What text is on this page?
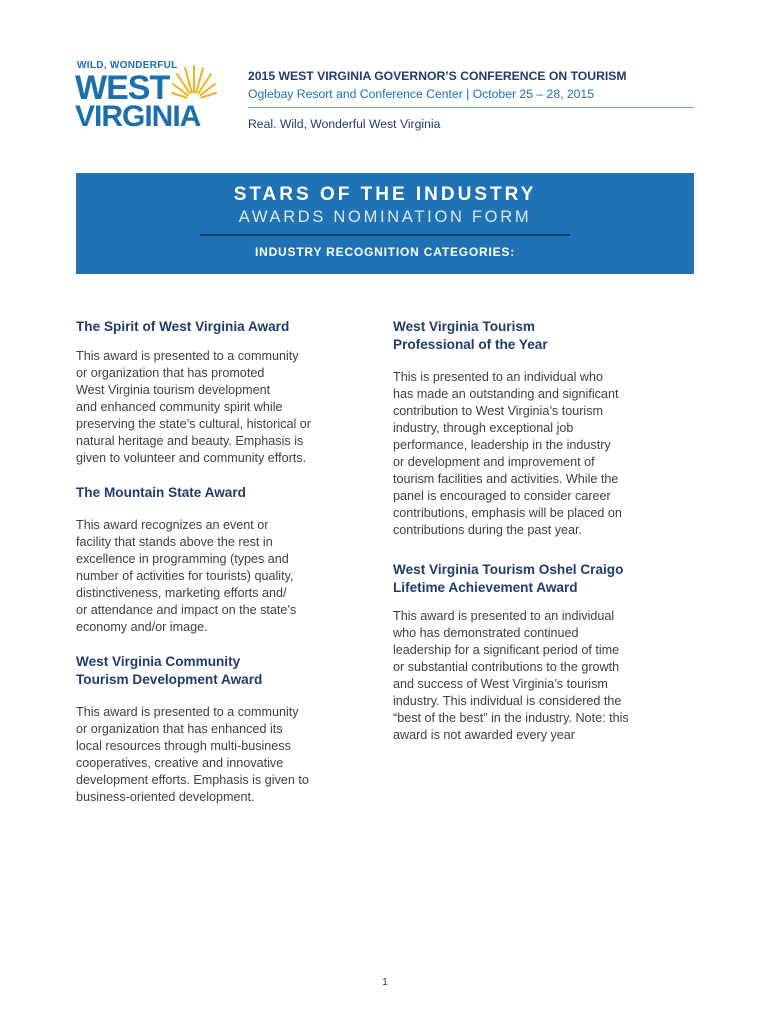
WILD, WONDERFUL
WEST
VIRGINIA
2015 WEST VIRGINIA GOVERNOR’S CONFERENCE ON TOURISM
Oglebay Resort and Conference Center | October 25 – 28, 2015
Real. Wild, Wonderful West Virginia
STARS OF THE INDUSTRY
AWARDS NOMINATION FORM
INDUSTRY RECOGNITION CATEGORIES:
The Spirit of West Virginia Award

This award is presented to a community
or organization that has promoted
West Virginia tourism development
and enhanced community spirit while
preserving the state’s cultural, historical or
natural heritage and beauty. Emphasis is
given to volunteer and community efforts.

The Mountain State Award

This award recognizes an event or
facility that stands above the rest in
excellence in programming (types and
number of activities for tourists) quality,
distinctiveness, marketing efforts and/
or attendance and impact on the state’s
economy and/or image.

West Virginia Community
Tourism Development Award

This award is presented to a community
or organization that has enhanced its
local resources through multi-business
cooperatives, creative and innovative
development efforts. Emphasis is given to
business-oriented development.

West Virginia Tourism
Professional of the Year

This is presented to an individual who
has made an outstanding and significant
contribution to West Virginia’s tourism
industry, through exceptional job
performance, leadership in the industry
or development and improvement of
tourism facilities and activities. While the
panel is encouraged to consider career
contributions, emphasis will be placed on
contributions during the past year.

West Virginia Tourism Oshel Craigo
Lifetime Achievement Award

This award is presented to an individual
who has demonstrated continued
leadership for a significant period of time
or substantial contributions to the growth
and success of West Virginia’s tourism
industry. This individual is considered the
“best of the best” in the industry. Note: this
award is not awarded every year

1
